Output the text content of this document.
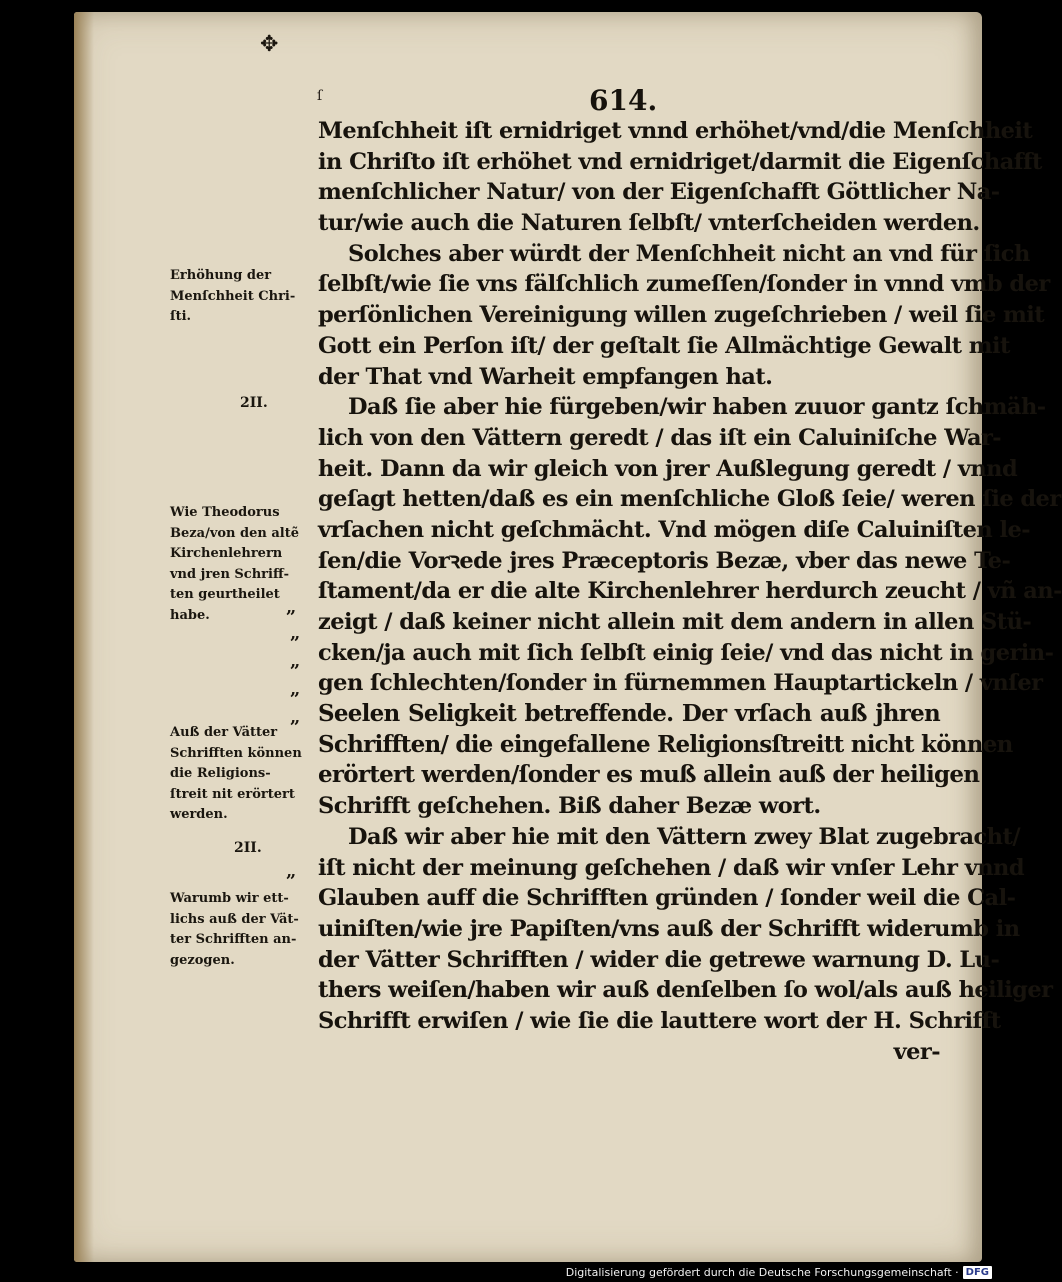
✥
ſ	614.
Menſchheit iſt ernidriget vnnd erhöhet/vnd/die Menſchheit
in Chriſto iſt erhöhet vnd ernidriget/darmit die Eigenſchafft
menſchlicher Natur/ von der Eigenſchafft Göttlicher Na-
tur/wie auch die Naturen ſelbſt/ vnterſcheiden werden.
Solches aber würdt der Menſchheit nicht an vnd für ſich
ſelbſt/wie ſie vns fälſchlich zumeſſen/ſonder in vnnd vmb der
perſönlichen Vereinigung willen zugeſchrieben / weil ſie mit
Gott ein Perſon iſt/ der geſtalt ſie Allmächtige Gewalt mit
der That vnd Warheit empfangen hat.
Daß ſie aber hie fürgeben/wir haben zuuor gantz ſchmäh-
lich von den Vättern geredt / das iſt ein Caluiniſche War-
heit. Dann da wir gleich von jrer Außlegung geredt / vnnd
geſagt hetten/daß es ein menſchliche Gloß ſeie/ weren ſie der
vrſachen nicht geſchmächt. Vnd mögen diſe Caluiniſten le-
ſen/die Vorꝛede jres Præceptoris Bezæ, vber das newe Te-
ſtament/da er die alte Kirchenlehrer herdurch zeucht / vñ an-
zeigt / daß keiner nicht allein mit dem andern in allen Stü-
cken/ja auch mit ſich ſelbſt einig ſeie/ vnd das nicht in gerin-
gen ſchlechten/ſonder in fürnemmen Hauptartickeln / vnſer
Seelen Seligkeit betreffende. Der vrſach auß jhren
Schrifften/ die eingefallene Religionsſtreitt nicht können
erörtert werden/ſonder es muß allein auß der heiligen
Schrifft geſchehen. Biß daher Bezæ wort.
Daß wir aber hie mit den Vättern zwey Blat zugebracht/
iſt nicht der meinung geſchehen / daß wir vnſer Lehr vnnd
Glauben auff die Schrifften gründen / ſonder weil die Cal-
uiniſten/wie jre Papiſten/vns auß der Schrifft widerumb in
der Vätter Schrifften / wider die getrewe warnung D. Lu-
thers weiſen/haben wir auß denſelben ſo wol/als auß heiliger
Schrifft erwiſen / wie ſie die lauttere wort der H. Schrifft
ver-
Erhöhung der
Menſchheit Chri-
ſti.
2II.
Wie Theodorus
Beza/von den altẽ
Kirchenlehrern
vnd jren Schriff-
ten geurtheilet
habe.
Auß der Vätter
Schrifften können
die Religions-
ſtreit nit erörtert
werden.
2II.
Warumb wir ett-
lichs auß der Vät-
ter Schrifften an-
gezogen.
„
„
„
„
„
„
Digitalisierung gefördert durch die Deutsche Forschungsgemeinschaft · DFG
